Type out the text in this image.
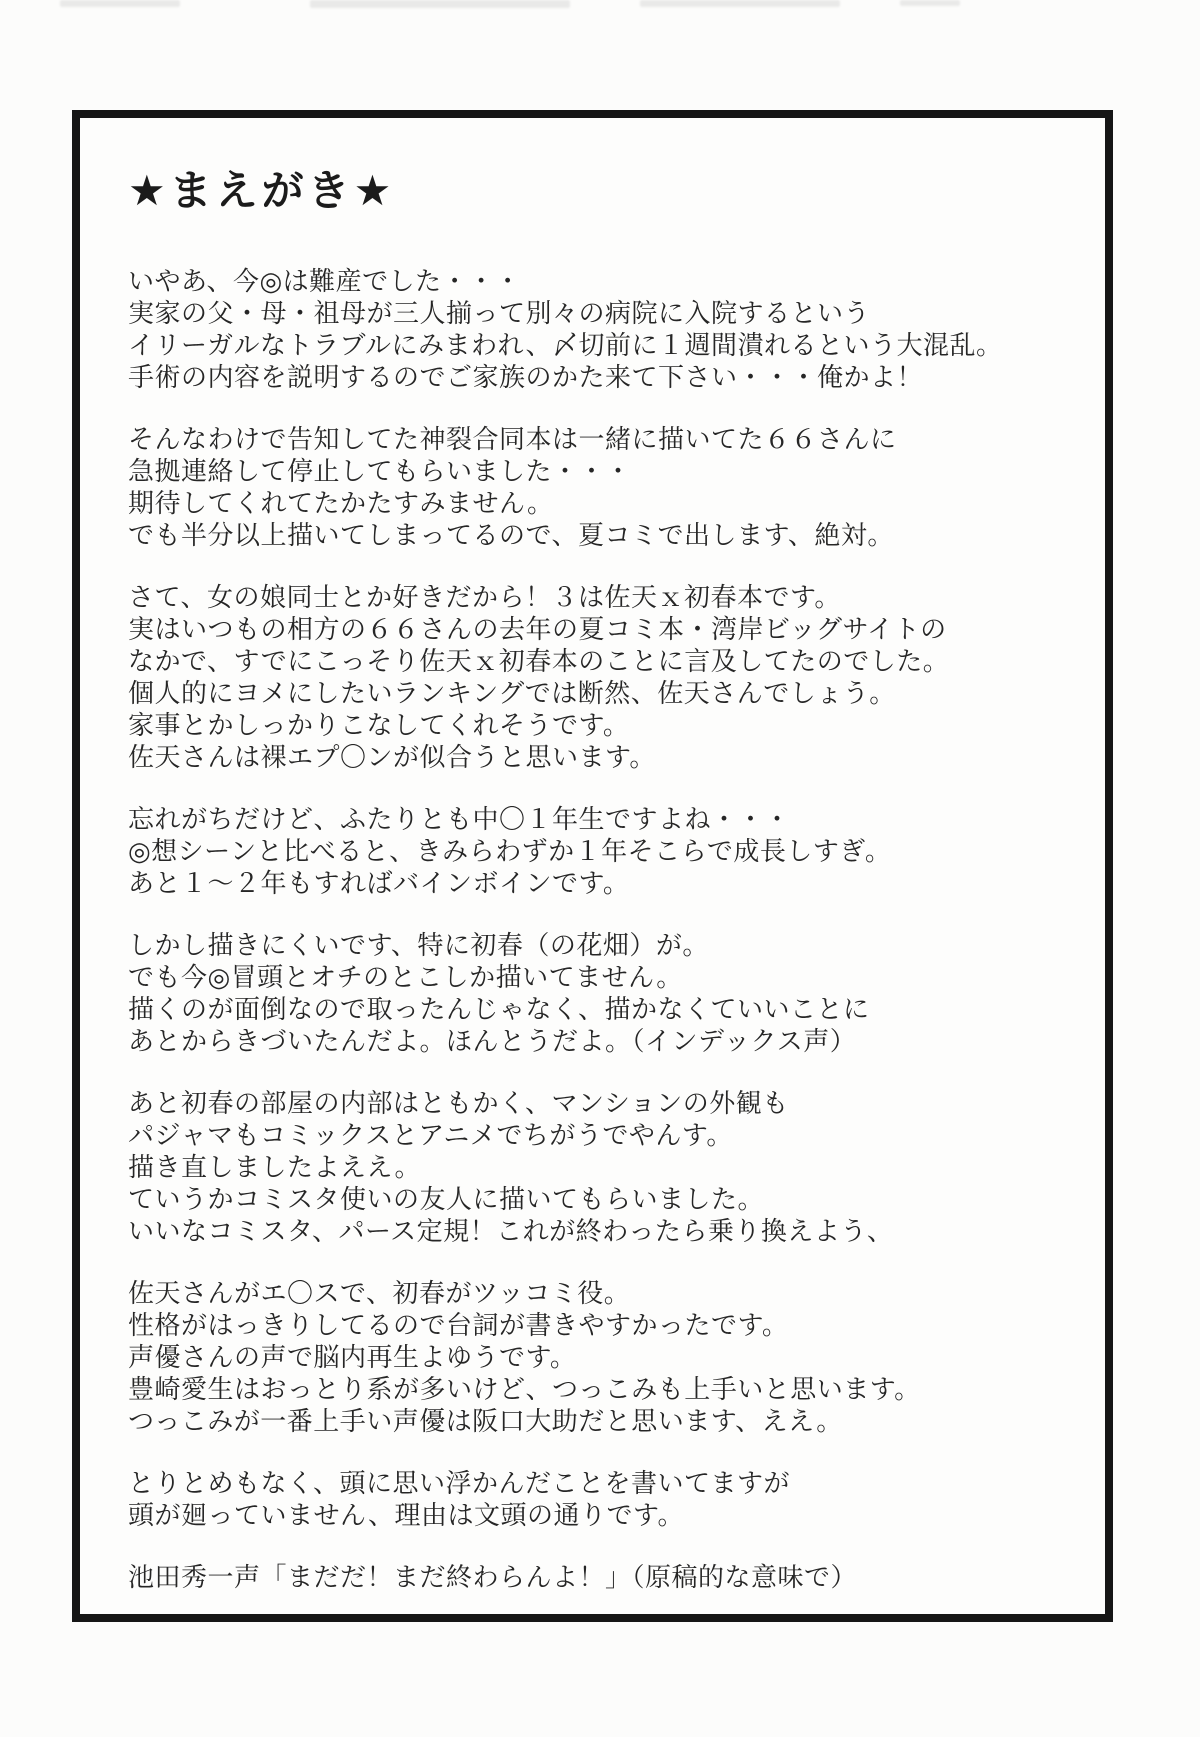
★まえがき★
いやあ、今◎は難産でした・・・
実家の父・母・祖母が三人揃って別々の病院に入院するという
イリーガルなトラブルにみまわれ、〆切前に１週間潰れるという大混乱。
手術の内容を説明するのでご家族のかた来て下さい・・・俺かよ！
そんなわけで告知してた神裂合同本は一緒に描いてた６６さんに
急拠連絡して停止してもらいました・・・
期待してくれてたかたすみません。
でも半分以上描いてしまってるので、夏コミで出します、絶対。
さて、女の娘同士とか好きだから！３は佐天ｘ初春本です。
実はいつもの相方の６６さんの去年の夏コミ本・湾岸ビッグサイトの
なかで、すでにこっそり佐天ｘ初春本のことに言及してたのでした。
個人的にヨメにしたいランキングでは断然、佐天さんでしょう。
家事とかしっかりこなしてくれそうです。
佐天さんは裸エプ〇ンが似合うと思います。
忘れがちだけど、ふたりとも中〇１年生ですよね・・・
◎想シーンと比べると、きみらわずか１年そこらで成長しすぎ。
あと１～２年もすればバインボインです。
しかし描きにくいです、特に初春（の花畑）が。
でも今◎冒頭とオチのとこしか描いてません。
描くのが面倒なので取ったんじゃなく、描かなくていいことに
あとからきづいたんだよ。ほんとうだよ。（インデックス声）
あと初春の部屋の内部はともかく、マンションの外観も
パジャマもコミックスとアニメでちがうでやんす。
描き直しましたよええ。
ていうかコミスタ使いの友人に描いてもらいました。
いいなコミスタ、パース定規！これが終わったら乗り換えよう、
佐天さんがエ〇スで、初春がツッコミ役。
性格がはっきりしてるので台詞が書きやすかったです。
声優さんの声で脳内再生よゆうです。
豊崎愛生はおっとり系が多いけど、つっこみも上手いと思います。
つっこみが一番上手い声優は阪口大助だと思います、ええ。
とりとめもなく、頭に思い浮かんだことを書いてますが
頭が廻っていません、理由は文頭の通りです。
池田秀一声「まだだ！まだ終わらんよ！」（原稿的な意味で）
